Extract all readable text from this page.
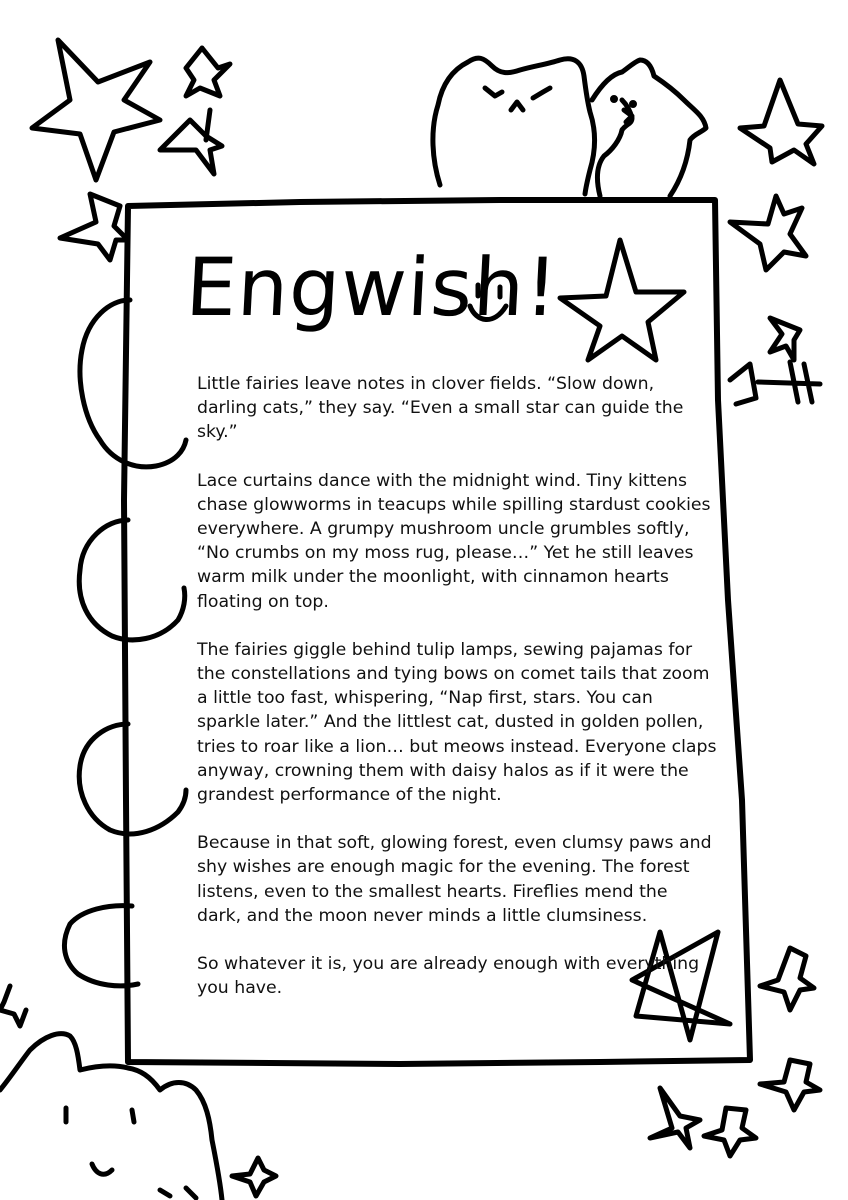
Engwish!

Little fairies leave notes in clover fields. “Slow down, darling cats,” they say. “Even a small star can guide the sky.”

Lace curtains dance with the midnight wind. Tiny kittens chase glowworms in teacups while spilling stardust cookies everywhere. A grumpy mushroom uncle grumbles softly, “No crumbs on my moss rug, please…” Yet he still leaves warm milk under the moonlight, with cinnamon hearts floating on top.

The fairies giggle behind tulip lamps, sewing pajamas for the constellations and tying bows on comet tails that zoom a little too fast, whispering, “Nap first, stars. You can sparkle later.” And the littlest cat, dusted in golden pollen, tries to roar like a lion… but meows instead. Everyone claps anyway, crowning them with daisy halos as if it were the grandest performance of the night.

Because in that soft, glowing forest, even clumsy paws and shy wishes are enough magic for the evening. The forest listens, even to the smallest hearts. Fireflies mend the dark, and the moon never minds a little clumsiness.

So whatever it is, you are already enough with everything you have.
